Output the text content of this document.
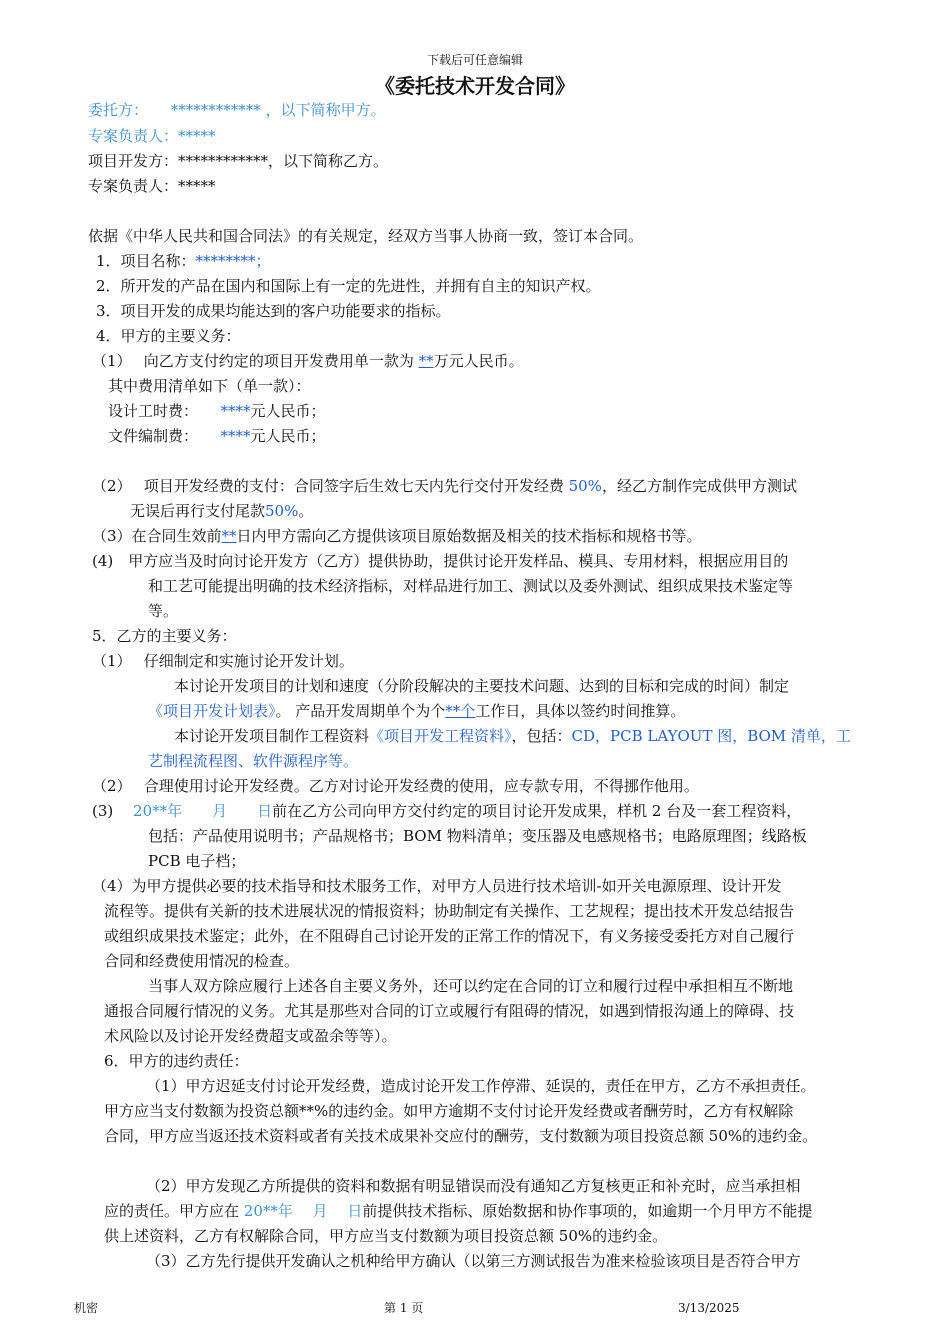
下载后可任意编辑
《委托技术开发合同》
委托方： ************ ，以下简称甲方。
专案负责人：*****
项目开发方：************，以下简称乙方。
专案负责人：*****
依据《中华人民共和国合同法》的有关规定，经双方当事人协商一致，签订本合同。
1．项目名称：********；
2．所开发的产品在国内和国际上有一定的先进性，并拥有自主的知识产权。
3．项目开发的成果均能达到的客户功能要求的指标。
4．甲方的主要义务：
（1）　 向乙方支付约定的项目开发费用单一款为 **万元人民币。
其中费用清单如下（单一款）：
设计工时费：　　****元人民币；
文件编制费：　　****元人民币；
（2）　 项目开发经费的支付：合同签字后生效七天内先行交付开发经费 50%，经乙方制作完成供甲方测试
无误后再行支付尾款50%。
（3）在合同生效前**日内甲方需向乙方提供该项目原始数据及相关的技术指标和规格书等。
(4)　甲方应当及时向讨论开发方（乙方）提供协助，提供讨论开发样品、模具、专用材料，根据应用目的
和工艺可能提出明确的技术经济指标，对样品进行加工、测试以及委外测试、组织成果技术鉴定等
等。
5．乙方的主要义务：
（1）　 仔细制定和实施讨论开发计划。
本讨论开发项目的计划和速度（分阶段解决的主要技术问题、达到的目标和完成的时间）制定
《项目开发计划表》。 产品开发周期单个为个**个工作日，具体以签约时间推算。
本讨论开发项目制作工程资料《项目开发工程资料》，包括：CD，PCB LAYOUT 图，BOM 清单，工
艺制程流程图、软件源程序等。
（2）　 合理使用讨论开发经费。乙方对讨论开发经费的使用，应专款专用，不得挪作他用。
(3)　 20**年　　月　　日前在乙方公司向甲方交付约定的项目讨论开发成果，样机 2 台及一套工程资料，
包括：产品使用说明书；产品规格书；BOM 物料清单；变压器及电感规格书；电路原理图；线路板
PCB 电子档；
（4）为甲方提供必要的技术指导和技术服务工作，对甲方人员进行技术培训-如开关电源原理、设计开发
流程等。提供有关新的技术进展状况的情报资料；协助制定有关操作、工艺规程；提出技术开发总结报告
或组织成果技术鉴定；此外，在不阻碍自己讨论开发的正常工作的情况下，有义务接受委托方对自己履行
合同和经费使用情况的检查。
当事人双方除应履行上述各自主要义务外，还可以约定在合同的订立和履行过程中承担相互不断地
通报合同履行情况的义务。尤其是那些对合同的订立或履行有阻碍的情况，如遇到情报沟通上的障碍、技
术风险以及讨论开发经费超支或盈余等等）。
6．甲方的违约责任：
（1）甲方迟延支付讨论开发经费，造成讨论开发工作停滞、延误的，责任在甲方，乙方不承担责任。
甲方应当支付数额为投资总额**%的违约金。如甲方逾期不支付讨论开发经费或者酬劳时，乙方有权解除
合同，甲方应当返还技术资料或者有关技术成果补交应付的酬劳，支付数额为项目投资总额 50%的违约金。
（2）甲方发现乙方所提供的资料和数据有明显错误而没有通知乙方复核更正和补充时，应当承担相
应的责任。甲方应在 20**年　 月　 日前提供技术指标、原始数据和协作事项的，如逾期一个月甲方不能提
供上述资料，乙方有权解除合同，甲方应当支付数额为项目投资总额 50%的违约金。
（3）乙方先行提供开发确认之机种给甲方确认（以第三方测试报告为准来检验该项目是否符合甲方
机密	第 1 页	3/13/2025
